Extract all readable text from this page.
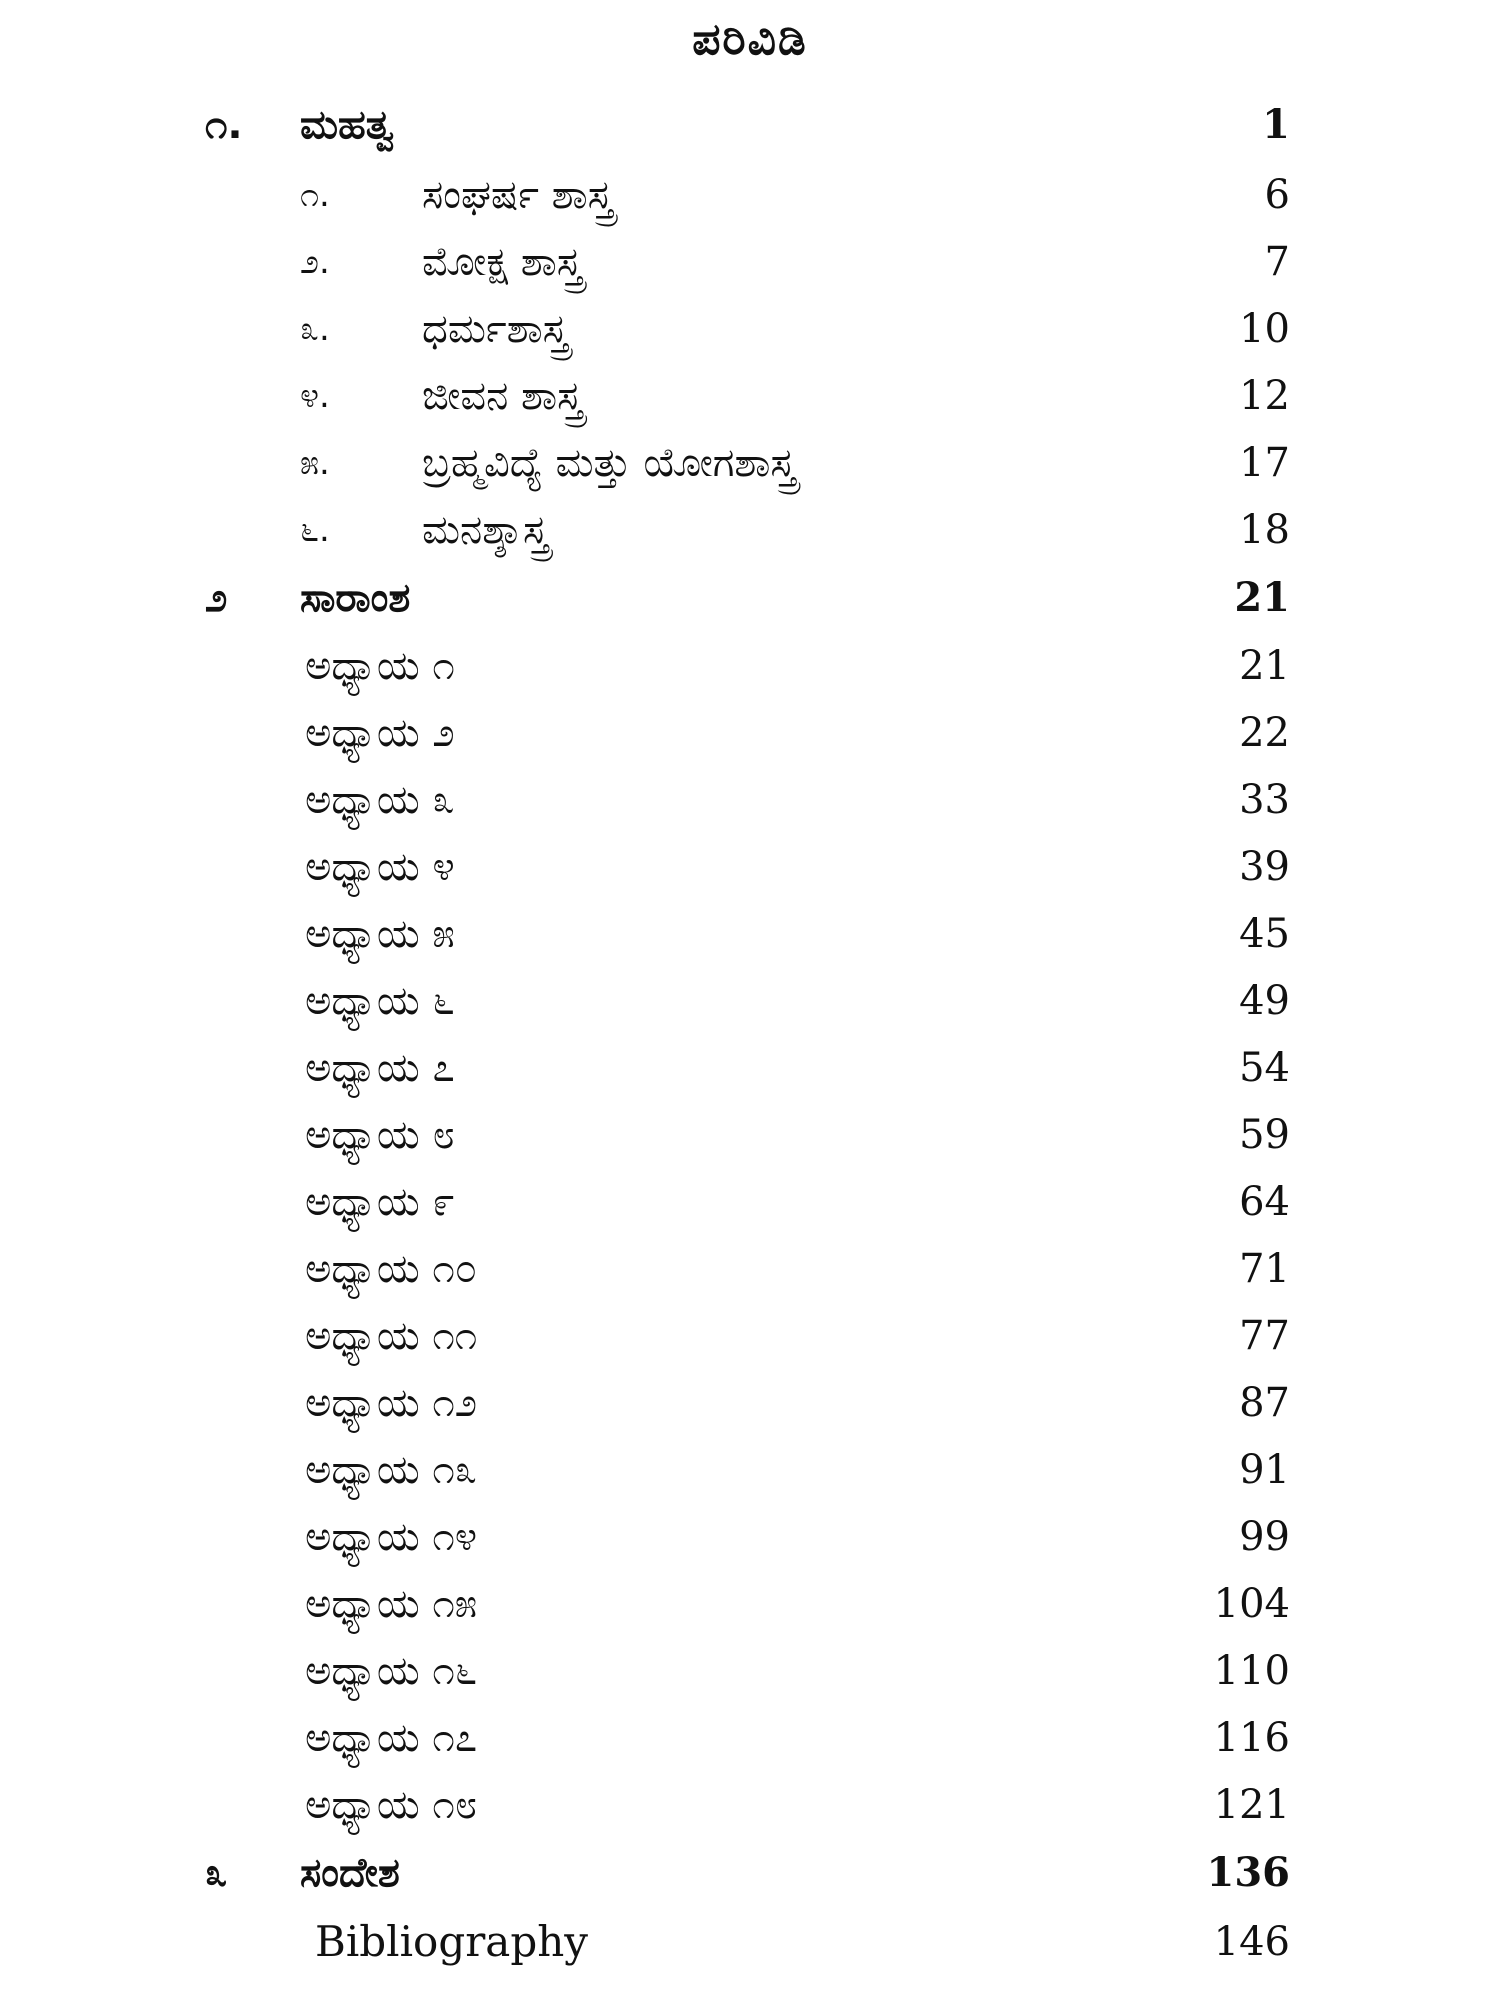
ಪರಿವಿಡಿ
೧. ಮಹತ್ವ	1
೧. ಸಂಘರ್ಷ ಶಾಸ್ತ್ರ	6
೨. ಮೋಕ್ಷ ಶಾಸ್ತ್ರ	7
೩. ಧರ್ಮಶಾಸ್ತ್ರ	10
೪. ಜೀವನ ಶಾಸ್ತ್ರ	12
೫. ಬ್ರಹ್ಮವಿದ್ಯೆ ಮತ್ತು ಯೋಗಶಾಸ್ತ್ರ	17
೬. ಮನಶ್ಶಾಸ್ತ್ರ	18
೨ ಸಾರಾಂಶ	21
ಅಧ್ಯಾಯ ೧	21
ಅಧ್ಯಾಯ ೨	22
ಅಧ್ಯಾಯ ೩	33
ಅಧ್ಯಾಯ ೪	39
ಅಧ್ಯಾಯ ೫	45
ಅಧ್ಯಾಯ ೬	49
ಅಧ್ಯಾಯ ೭	54
ಅಧ್ಯಾಯ ೮	59
ಅಧ್ಯಾಯ ೯	64
ಅಧ್ಯಾಯ ೧೦	71
ಅಧ್ಯಾಯ ೧೧	77
ಅಧ್ಯಾಯ ೧೨	87
ಅಧ್ಯಾಯ ೧೩	91
ಅಧ್ಯಾಯ ೧೪	99
ಅಧ್ಯಾಯ ೧೫	104
ಅಧ್ಯಾಯ ೧೬	110
ಅಧ್ಯಾಯ ೧೭	116
ಅಧ್ಯಾಯ ೧೮	121
೩ ಸಂದೇಶ	136
Bibliography	146
